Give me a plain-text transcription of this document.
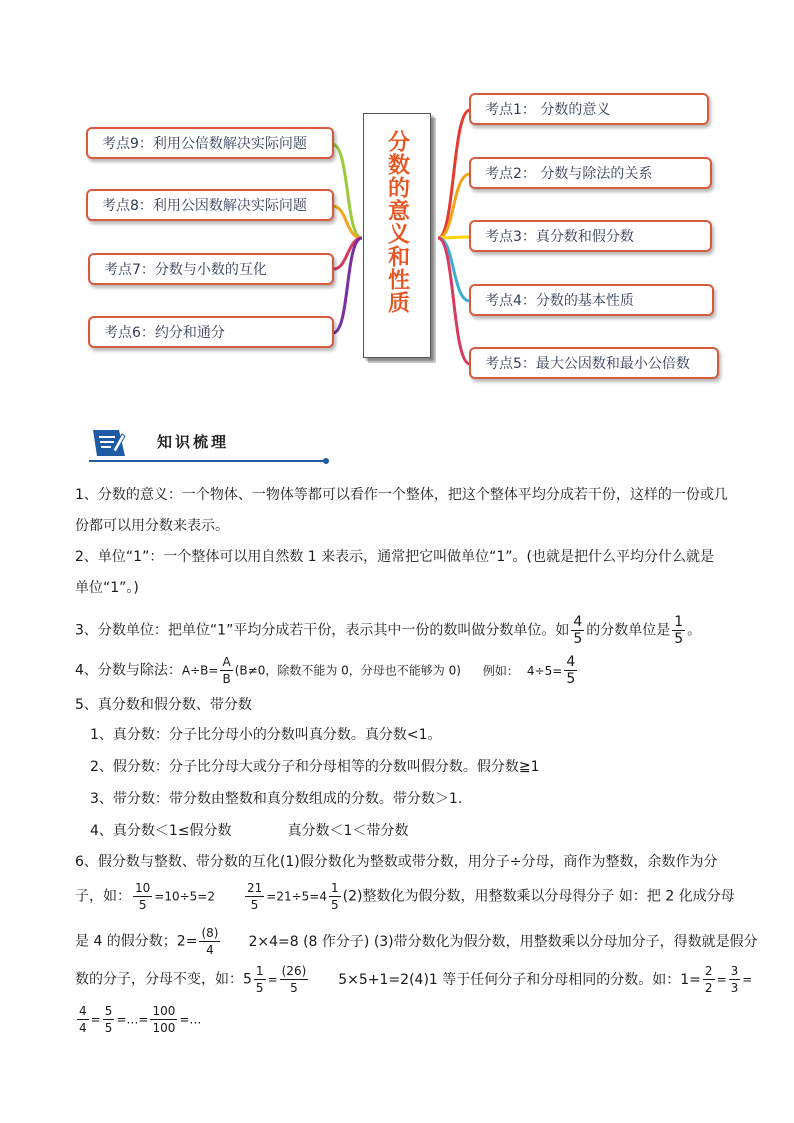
分数的意义和性质
考点9：利用公倍数解决实际问题
考点8：利用公因数解决实际问题
考点7：分数与小数的互化
考点6：约分和通分
考点1： 分数的意义
考点2： 分数与除法的关系
考点3：真分数和假分数
考点4：分数的基本性质
考点5：最大公因数和最小公倍数
知识梳理
1、分数的意义：一个物体、一物体等都可以看作一个整体，把这个整体平均分成若干份，这样的一份或几
份都可以用分数来表示。
2、单位“1”：一个整体可以用自然数 1 来表示，通常把它叫做单位“1”。(也就是把什么平均分什么就是
单位“1”。)
3、分数单位：把单位“1”平均分成若干份，表示其中一份的数叫做分数单位。如 $\frac{4}{5}$ 的分数单位是 $\frac{1}{5}$ 。
4、分数与除法：$A\div B= \frac{A}{B} (B\ne 0$，除数不能为 0，分母也不能够为 0) 例如： $4\div 5= \frac{4}{5}$
5、真分数和假分数、带分数
1、真分数：分子比分母小的分数叫真分数。真分数<1。
2、假分数：分子比分母大或分子和分母相等的分数叫假分数。假分数≧1
3、带分数：带分数由整数和真分数组成的分数。带分数＞1.
4、真分数＜1≤假分数	真分数＜1＜带分数
6、假分数与整数、带分数的互化(1)假分数化为整数或带分数，用分子÷分母，商作为整数，余数作为分
子，如： $\frac{10}{5} =10\div 5=2$	$\frac{21}{5} =21\div 5=4 \frac{1}{5} (2)$整数化为假分数，用整数乘以分母得分子 如：把 2 化成分母
是 4 的假分数；$2= \frac{(8)}{4} 2\times 4=8$ (8 作分子) (3)带分数化为假分数，用整数乘以分母加分子，得数就是假分
数的分子，分母不变，如：$5 \frac{1}{5} = \frac{(26)}{5} 5\times 5+1=2(4)1$ 等于任何分子和分母相同的分数。如：$1= \frac{2}{2} = \frac{3}{3}$ =
$\frac{4}{4} = \frac{5}{5}$ =…= $\frac{100}{100}$ =…
